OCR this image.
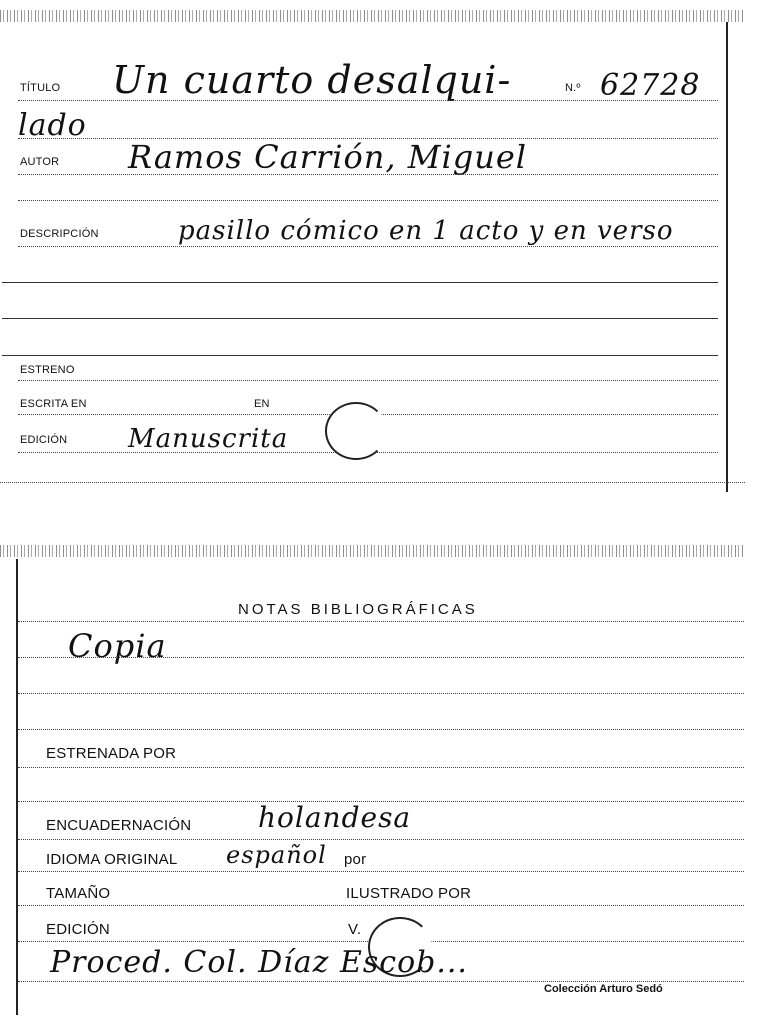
TÍTULO Un cuarto desalqui-	N.º 62728
lado
AUTOR Ramos Carrión, Miguel
DESCRIPCIÓN	pasillo cómico en 1 acto y en verso
ESTRENO
ESCRITA EN	EN
EDICIÓN Manuscrita
NOTAS BIBLIOGRÁFICAS
Copia
ESTRENADA POR
ENCUADERNACIÓN holandesa
IDIOMA ORIGINAL español por
TAMAÑO	ILUSTRADO POR
EDICIÓN	V.
Proced. Col. Díaz Escob...
Colección Arturo Sedó
